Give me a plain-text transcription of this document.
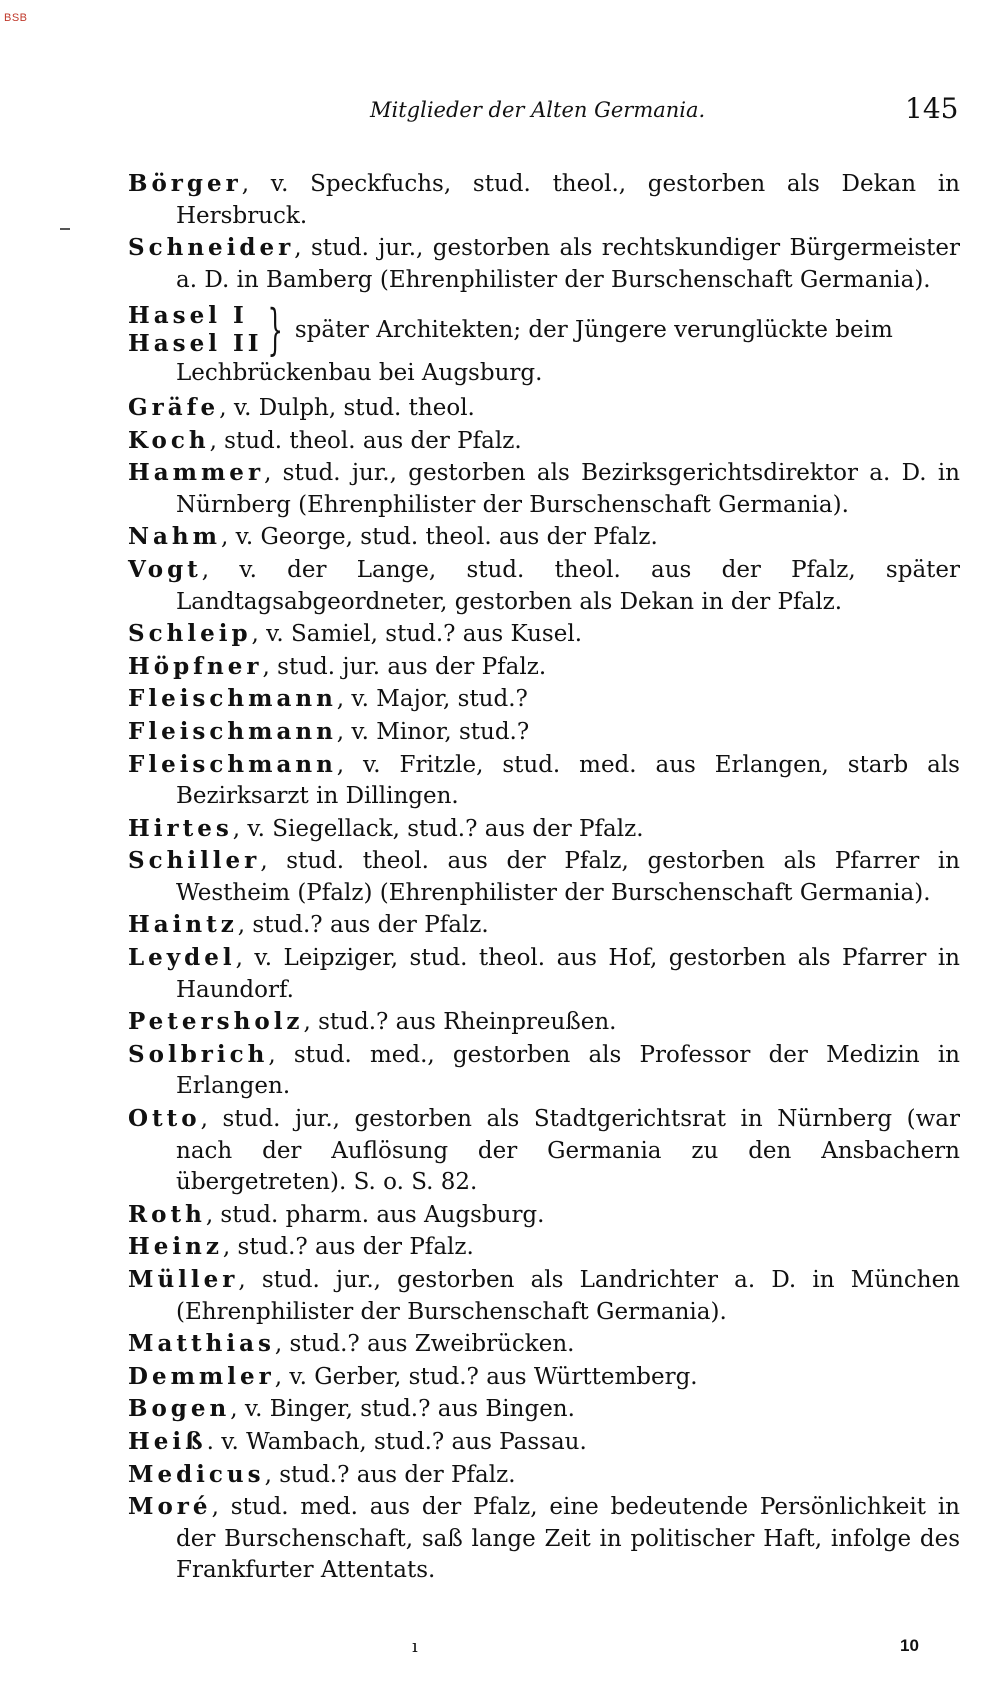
BSB
Mitglieder der Alten Germania.	145
Börger, v. Speckfuchs, stud. theol., gestorben als Dekan in Hersbruck.
Schneider, stud. jur., gestorben als rechtskundiger Bürgermeister a. D. in Bamberg (Ehrenphilister der Burschenschaft Germania).
Hasel I
Hasel II } später Architekten; der Jüngere verunglückte beim
Lechbrückenbau bei Augsburg.
Gräfe, v. Dulph, stud. theol.
Koch, stud. theol. aus der Pfalz.
Hammer, stud. jur., gestorben als Bezirksgerichtsdirektor a. D. in Nürnberg (Ehrenphilister der Burschenschaft Germania).
Nahm, v. George, stud. theol. aus der Pfalz.
Vogt, v. der Lange, stud. theol. aus der Pfalz, später Landtagsabgeordneter, gestorben als Dekan in der Pfalz.
Schleip, v. Samiel, stud.? aus Kusel.
Höpfner, stud. jur. aus der Pfalz.
Fleischmann, v. Major, stud.?
Fleischmann, v. Minor, stud.?
Fleischmann, v. Fritzle, stud. med. aus Erlangen, starb als Bezirksarzt in Dillingen.
Hirtes, v. Siegellack, stud.? aus der Pfalz.
Schiller, stud. theol. aus der Pfalz, gestorben als Pfarrer in Westheim (Pfalz) (Ehrenphilister der Burschenschaft Germania).
Haintz, stud.? aus der Pfalz.
Leydel, v. Leipziger, stud. theol. aus Hof, gestorben als Pfarrer in Haundorf.
Petersholz, stud.? aus Rheinpreußen.
Solbrich, stud. med., gestorben als Professor der Medizin in Erlangen.
Otto, stud. jur., gestorben als Stadtgerichtsrat in Nürnberg (war nach der Auflösung der Germania zu den Ansbachern übergetreten). S. o. S. 82.
Roth, stud. pharm. aus Augsburg.
Heinz, stud.? aus der Pfalz.
Müller, stud. jur., gestorben als Landrichter a. D. in München (Ehrenphilister der Burschenschaft Germania).
Matthias, stud.? aus Zweibrücken.
Demmler, v. Gerber, stud.? aus Württemberg.
Bogen, v. Binger, stud.? aus Bingen.
Heiß. v. Wambach, stud.? aus Passau.
Medicus, stud.? aus der Pfalz.
Moré, stud. med. aus der Pfalz, eine bedeutende Persönlichkeit in der Burschenschaft, saß lange Zeit in politischer Haft, infolge des Frankfurter Attentats.
ı	10
